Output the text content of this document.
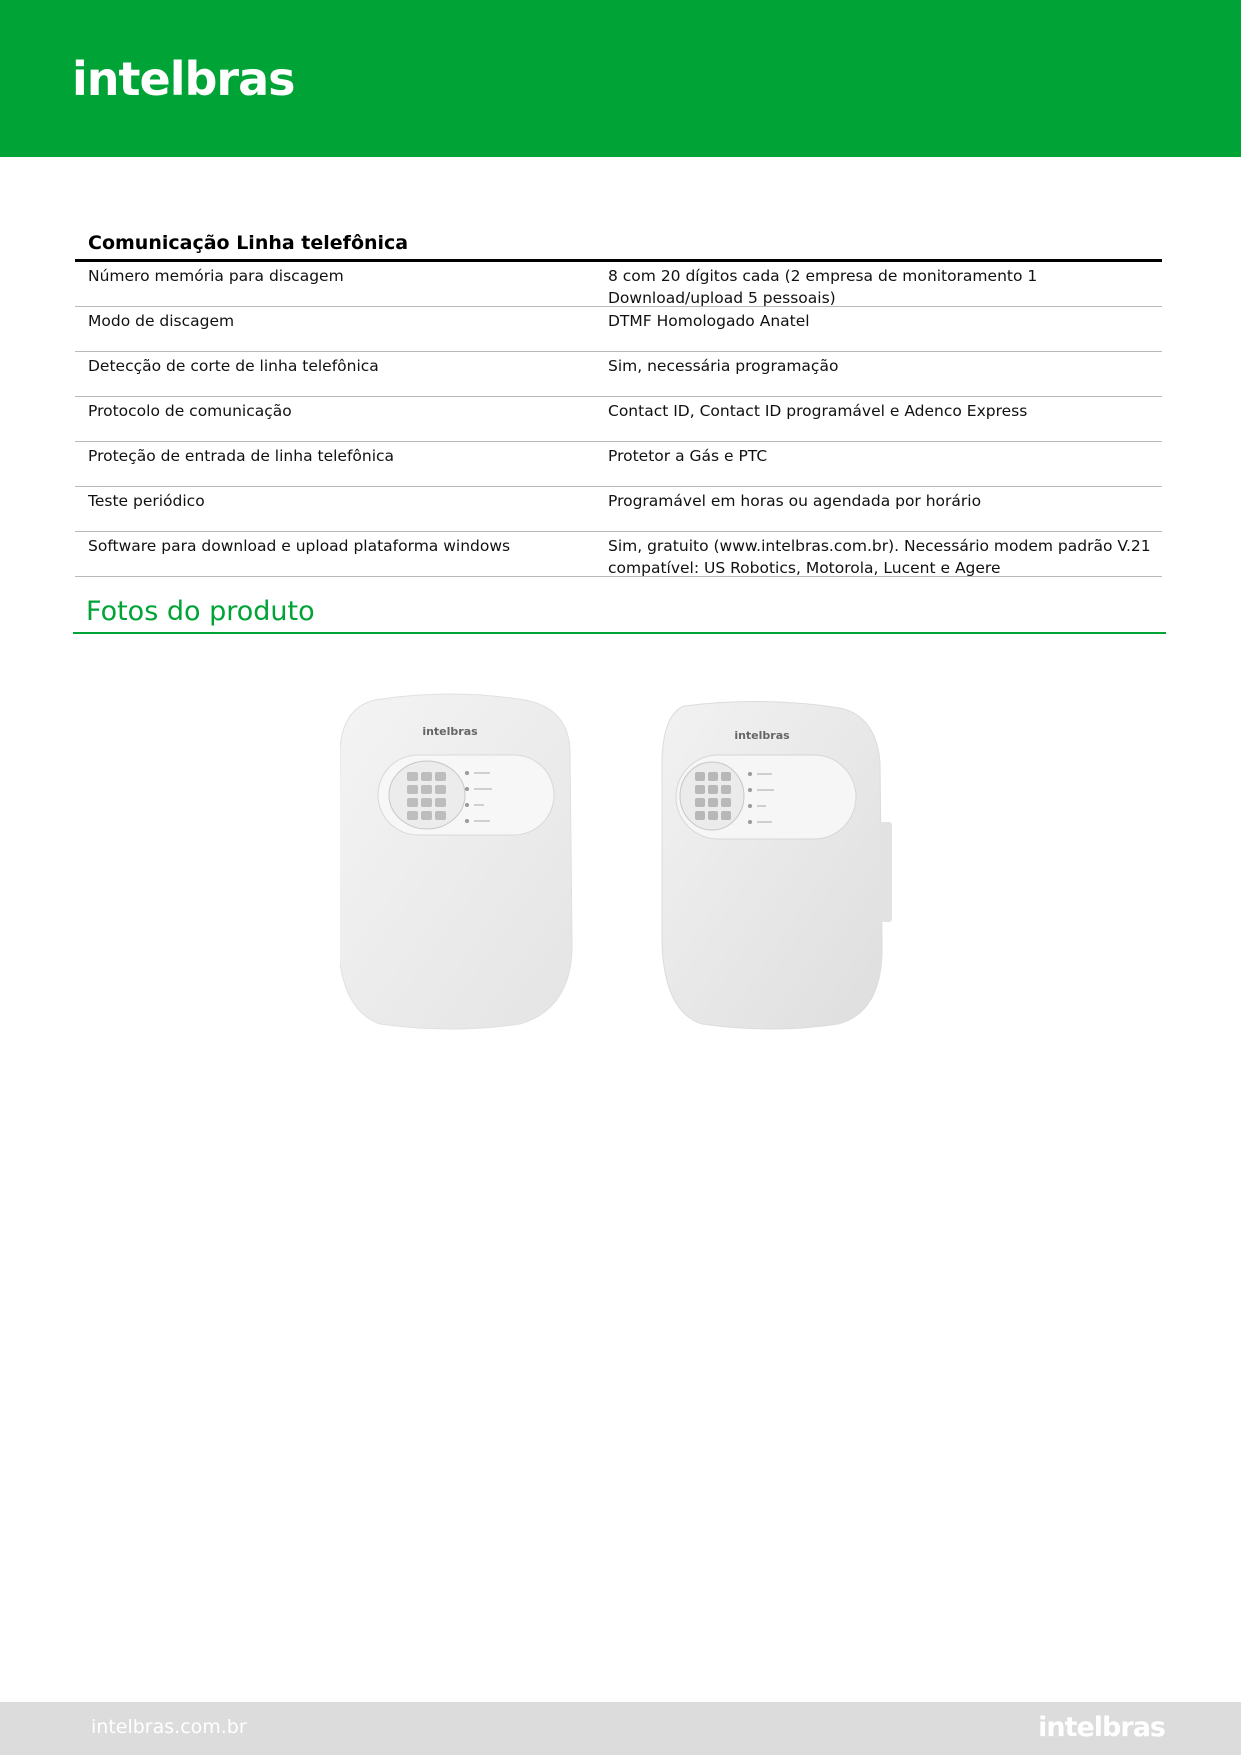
intelbras
Comunicação Linha telefônica
Número memória para discagem	8 com 20 dígitos cada (2 empresa de monitoramento 1 Download/upload 5 pessoais)
Modo de discagem	DTMF Homologado Anatel
Detecção de corte de linha telefônica	Sim, necessária programação
Protocolo de comunicação	Contact ID, Contact ID programável e Adenco Express
Proteção de entrada de linha telefônica	Protetor a Gás e PTC
Teste periódico	Programável em horas ou agendada por horário
Software para download e upload plataforma windows	Sim, gratuito (www.intelbras.com.br). Necessário modem padrão V.21 compatível: US Robotics, Motorola, Lucent e Agere
Fotos do produto
intelbras	intelbras
intelbras.com.br	intelbras
